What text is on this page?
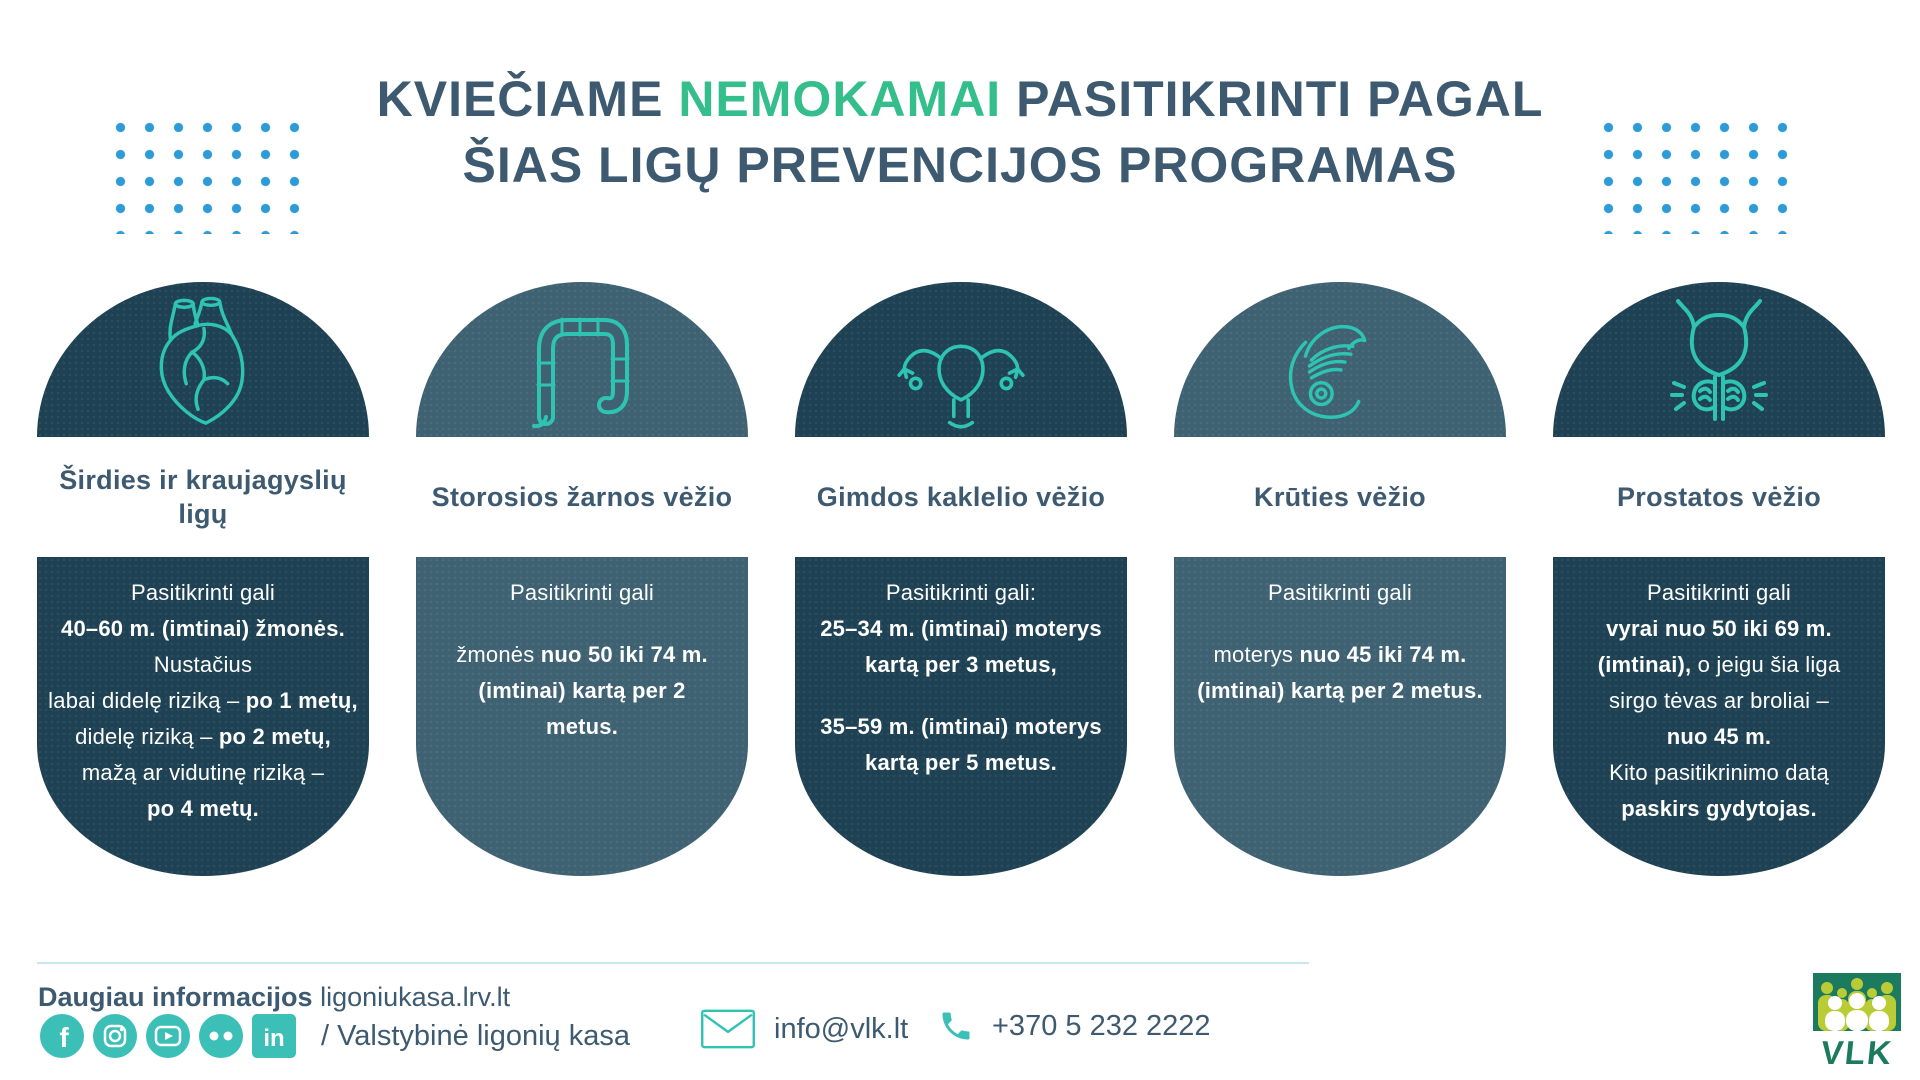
KVIEČIAME NEMOKAMAI PASITIKRINTI PAGAL
ŠIAS LIGŲ PREVENCIJOS PROGRAMAS
Širdies ir kraujagyslių ligų
Pasitikrinti gali
40–60 m. (imtinai) žmonės.
Nustačius
labai didelę riziką – po 1 metų,
didelę riziką – po 2 metų,
mažą ar vidutinę riziką –
po 4 metų.
Storosios žarnos vėžio
Pasitikrinti gali
žmonės nuo 50 iki 74 m.
(imtinai) kartą per 2
metus.
Gimdos kaklelio vėžio
Pasitikrinti gali:
25–34 m. (imtinai) moterys
kartą per 3 metus,
35–59 m. (imtinai) moterys
kartą per 5 metus.
Krūties vėžio
Pasitikrinti gali
moterys nuo 45 iki 74 m.
(imtinai) kartą per 2 metus.
Prostatos vėžio
Pasitikrinti gali
vyrai nuo 50 iki 69 m.
(imtinai), o jeigu šia liga
sirgo tėvas ar broliai –
nuo 45 m.
Kito pasitikrinimo datą
paskirs gydytojas.

Daugiau informacijos ligoniukasa.lrv.lt

f	in / Valstybinė ligonių kasa	info@vlk.lt	+370 5 232 2222
VLK
